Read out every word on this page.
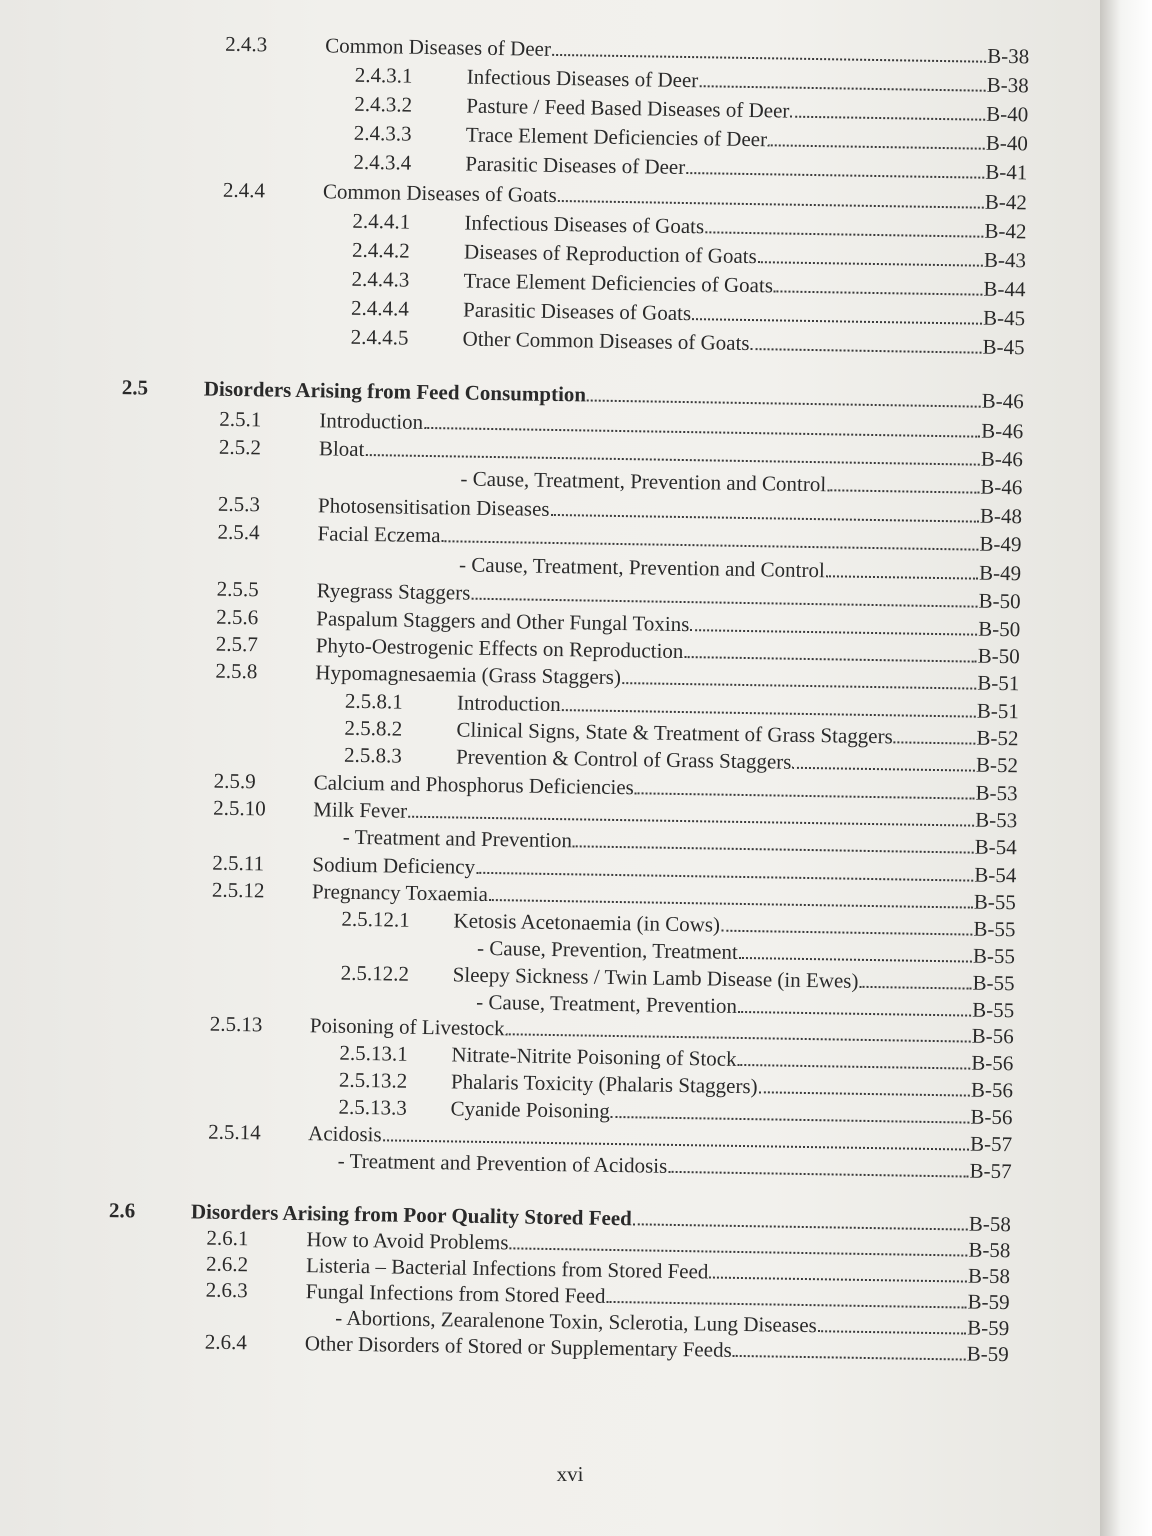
2.4.3	Common Diseases of Deer	B-38
2.4.3.1	Infectious Diseases of Deer	B-38
2.4.3.2	Pasture / Feed Based Diseases of Deer	B-40
2.4.3.3	Trace Element Deficiencies of Deer	B-40
2.4.3.4	Parasitic Diseases of Deer	B-41
2.4.4	Common Diseases of Goats	B-42
2.4.4.1	Infectious Diseases of Goats	B-42
2.4.4.2	Diseases of Reproduction of Goats	B-43
2.4.4.3	Trace Element Deficiencies of Goats	B-44
2.4.4.4	Parasitic Diseases of Goats	B-45
2.4.4.5	Other Common Diseases of Goats	B-45
2.5	Disorders Arising from Feed Consumption	B-46
2.5.1	Introduction	B-46
2.5.2	Bloat	B-46
- Cause, Treatment, Prevention and Control	B-46
2.5.3	Photosensitisation Diseases	B-48
2.5.4	Facial Eczema	B-49
- Cause, Treatment, Prevention and Control	B-49
2.5.5	Ryegrass Staggers	B-50
2.5.6	Paspalum Staggers and Other Fungal Toxins	B-50
2.5.7	Phyto-Oestrogenic Effects on Reproduction	B-50
2.5.8	Hypomagnesaemia (Grass Staggers)	B-51
2.5.8.1	Introduction	B-51
2.5.8.2	Clinical Signs, State & Treatment of Grass Staggers	B-52
2.5.8.3	Prevention & Control of Grass Staggers	B-52
2.5.9	Calcium and Phosphorus Deficiencies	B-53
2.5.10 Milk Fever	B-53
- Treatment and Prevention	B-54
2.5.11 Sodium Deficiency	B-54
2.5.12 Pregnancy Toxaemia	B-55
2.5.12.1 Ketosis Acetonaemia (in Cows)	B-55
- Cause, Prevention, Treatment	B-55
2.5.12.2 Sleepy Sickness / Twin Lamb Disease (in Ewes)	B-55
- Cause, Treatment, Prevention	B-55
2.5.13 Poisoning of Livestock	B-56
2.5.13.1 Nitrate-Nitrite Poisoning of Stock	B-56
2.5.13.2 Phalaris Toxicity (Phalaris Staggers)	B-56
2.5.13.3 Cyanide Poisoning	B-56
2.5.14 Acidosis	B-57
- Treatment and Prevention of Acidosis	B-57
2.6	Disorders Arising from Poor Quality Stored Feed	B-58
2.6.1	How to Avoid Problems	B-58
2.6.2	Listeria – Bacterial Infections from Stored Feed	B-58
2.6.3	Fungal Infections from Stored Feed	B-59
- Abortions, Zearalenone Toxin, Sclerotia, Lung Diseases	B-59
2.6.4	Other Disorders of Stored or Supplementary Feeds	B-59
xvi
